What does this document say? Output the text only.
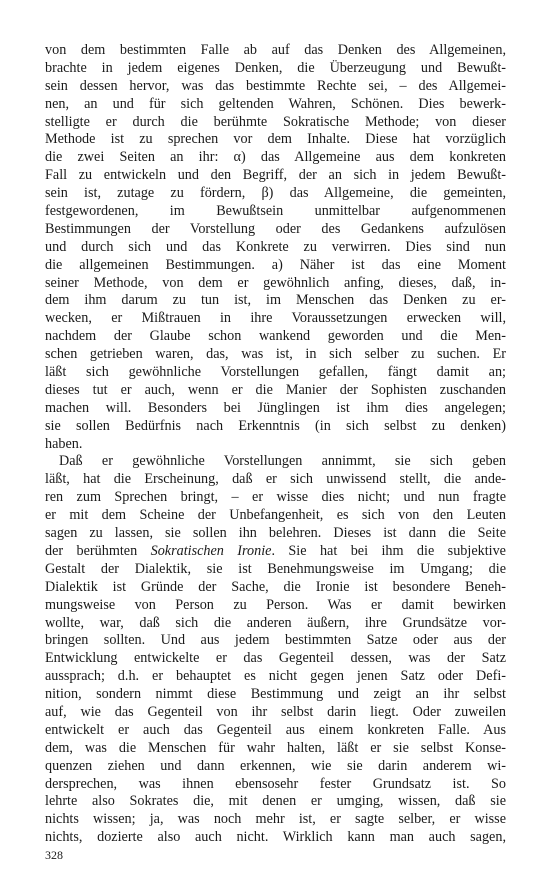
von dem bestimmten Falle ab auf das Denken des Allgemeinen,
brachte in jedem eigenes Denken, die Überzeugung und Bewußt-
sein dessen hervor, was das bestimmte Rechte sei, – des Allgemei-
nen, an und für sich geltenden Wahren, Schönen. Dies bewerk-
stelligte er durch die berühmte Sokratische Methode; von dieser
Methode ist zu sprechen vor dem Inhalte. Diese hat vorzüglich
die zwei Seiten an ihr: α) das Allgemeine aus dem konkreten
Fall zu entwickeln und den Begriff, der an sich in jedem Bewußt-
sein ist, zutage zu fördern, β) das Allgemeine, die gemeinten,
festgewordenen, im Bewußtsein unmittelbar aufgenommenen
Bestimmungen der Vorstellung oder des Gedankens aufzulösen
und durch sich und das Konkrete zu verwirren. Dies sind nun
die allgemeinen Bestimmungen. a) Näher ist das eine Moment
seiner Methode, von dem er gewöhnlich anfing, dieses, daß, in-
dem ihm darum zu tun ist, im Menschen das Denken zu er-
wecken, er Mißtrauen in ihre Voraussetzungen erwecken will,
nachdem der Glaube schon wankend geworden und die Men-
schen getrieben waren, das, was ist, in sich selber zu suchen. Er
läßt sich gewöhnliche Vorstellungen gefallen, fängt damit an;
dieses tut er auch, wenn er die Manier der Sophisten zuschanden
machen will. Besonders bei Jünglingen ist ihm dies angelegen;
sie sollen Bedürfnis nach Erkenntnis (in sich selbst zu denken)
haben.
Daß er gewöhnliche Vorstellungen annimmt, sie sich geben
läßt, hat die Erscheinung, daß er sich unwissend stellt, die ande-
ren zum Sprechen bringt, – er wisse dies nicht; und nun fragte
er mit dem Scheine der Unbefangenheit, es sich von den Leuten
sagen zu lassen, sie sollen ihn belehren. Dieses ist dann die Seite
der berühmten Sokratischen Ironie. Sie hat bei ihm die subjektive
Gestalt der Dialektik, sie ist Benehmungsweise im Umgang; die
Dialektik ist Gründe der Sache, die Ironie ist besondere Beneh-
mungsweise von Person zu Person. Was er damit bewirken
wollte, war, daß sich die anderen äußern, ihre Grundsätze vor-
bringen sollten. Und aus jedem bestimmten Satze oder aus der
Entwicklung entwickelte er das Gegenteil dessen, was der Satz
aussprach; d.h. er behauptet es nicht gegen jenen Satz oder Defi-
nition, sondern nimmt diese Bestimmung und zeigt an ihr selbst
auf, wie das Gegenteil von ihr selbst darin liegt. Oder zuweilen
entwickelt er auch das Gegenteil aus einem konkreten Falle. Aus
dem, was die Menschen für wahr halten, läßt er sie selbst Konse-
quenzen ziehen und dann erkennen, wie sie darin anderem wi-
dersprechen, was ihnen ebensosehr fester Grundsatz ist. So
lehrte also Sokrates die, mit denen er umging, wissen, daß sie
nichts wissen; ja, was noch mehr ist, er sagte selber, er wisse
nichts, dozierte also auch nicht. Wirklich kann man auch sagen,
328
